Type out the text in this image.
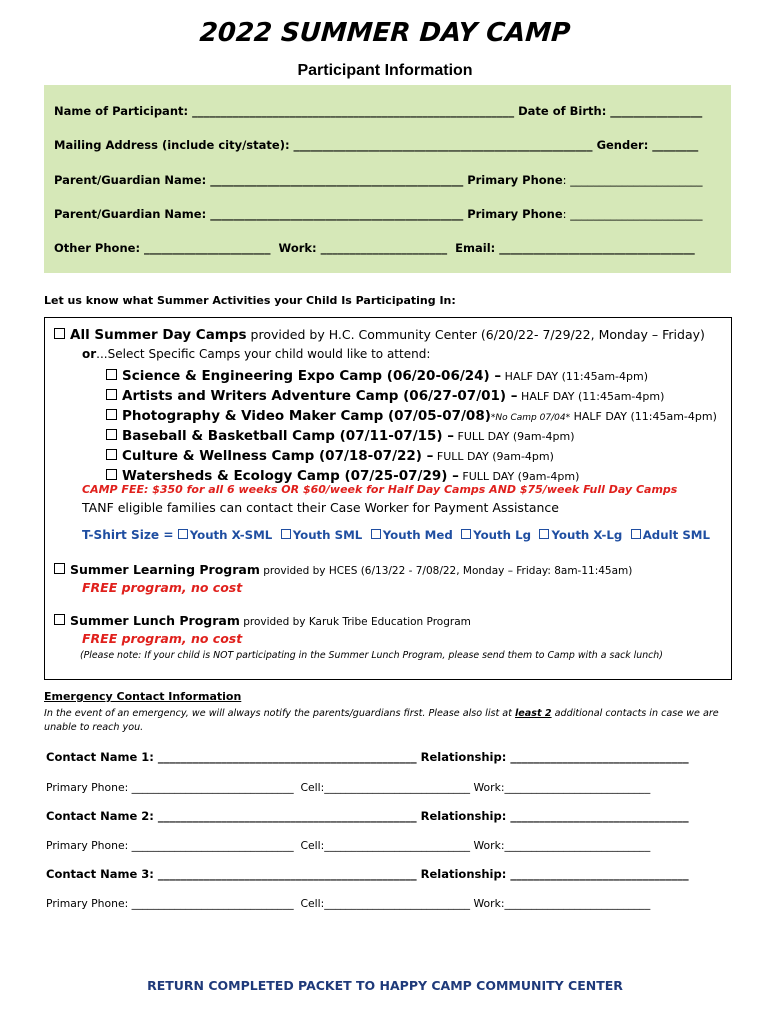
2022 SUMMER DAY CAMP
Participant Information
Name of Participant: ________________________________________________________ Date of Birth: ________________
Mailing Address (include city/state): ____________________________________________________ Gender: ________
Parent/Guardian Name: ____________________________________________ Primary Phone: _______________________
Parent/Guardian Name: ____________________________________________ Primary Phone: _______________________
Other Phone: ______________________  Work: ______________________  Email: __________________________________
Let us know what Summer Activities your Child Is Participating In:
All Summer Day Camps provided by H.C. Community Center (6/20/22- 7/29/22, Monday – Friday)
or...Select Specific Camps your child would like to attend:
Science & Engineering Expo Camp (06/20-06/24) – HALF DAY (11:45am-4pm)
Artists and Writers Adventure Camp (06/27-07/01) – HALF DAY (11:45am-4pm)
Photography & Video Maker Camp (07/05-07/08)*No Camp 07/04* HALF DAY (11:45am-4pm)
Baseball & Basketball Camp (07/11-07/15) – FULL DAY (9am-4pm)
Culture & Wellness Camp (07/18-07/22) – FULL DAY (9am-4pm)
Watersheds & Ecology Camp (07/25-07/29) – FULL DAY (9am-4pm)
CAMP FEE: $350 for all 6 weeks OR $60/week for Half Day Camps AND $75/week Full Day Camps
TANF eligible families can contact their Case Worker for Payment Assistance
T-Shirt Size = Youth X-SML Youth SML Youth Med Youth Lg Youth X-Lg Adult SML
Summer Learning Program provided by HCES (6/13/22 - 7/08/22, Monday – Friday: 8am-11:45am)
FREE program, no cost
Summer Lunch Program provided by Karuk Tribe Education Program
FREE program, no cost
(Please note: If your child is NOT participating in the Summer Lunch Program, please send them to Camp with a sack lunch)
Emergency Contact Information
In the event of an emergency, we will always notify the parents/guardians first. Please also list at least 2 additional contacts in case we are
unable to reach you.
Contact Name 1: _____________________________________________ Relationship: _______________________________
Primary Phone: ______________________________  Cell:___________________________ Work:___________________________
Contact Name 2: _____________________________________________ Relationship: _______________________________
Primary Phone: ______________________________  Cell:___________________________ Work:___________________________
Contact Name 3: _____________________________________________ Relationship: _______________________________
Primary Phone: ______________________________  Cell:___________________________ Work:___________________________
RETURN COMPLETED PACKET TO HAPPY CAMP COMMUNITY CENTER
